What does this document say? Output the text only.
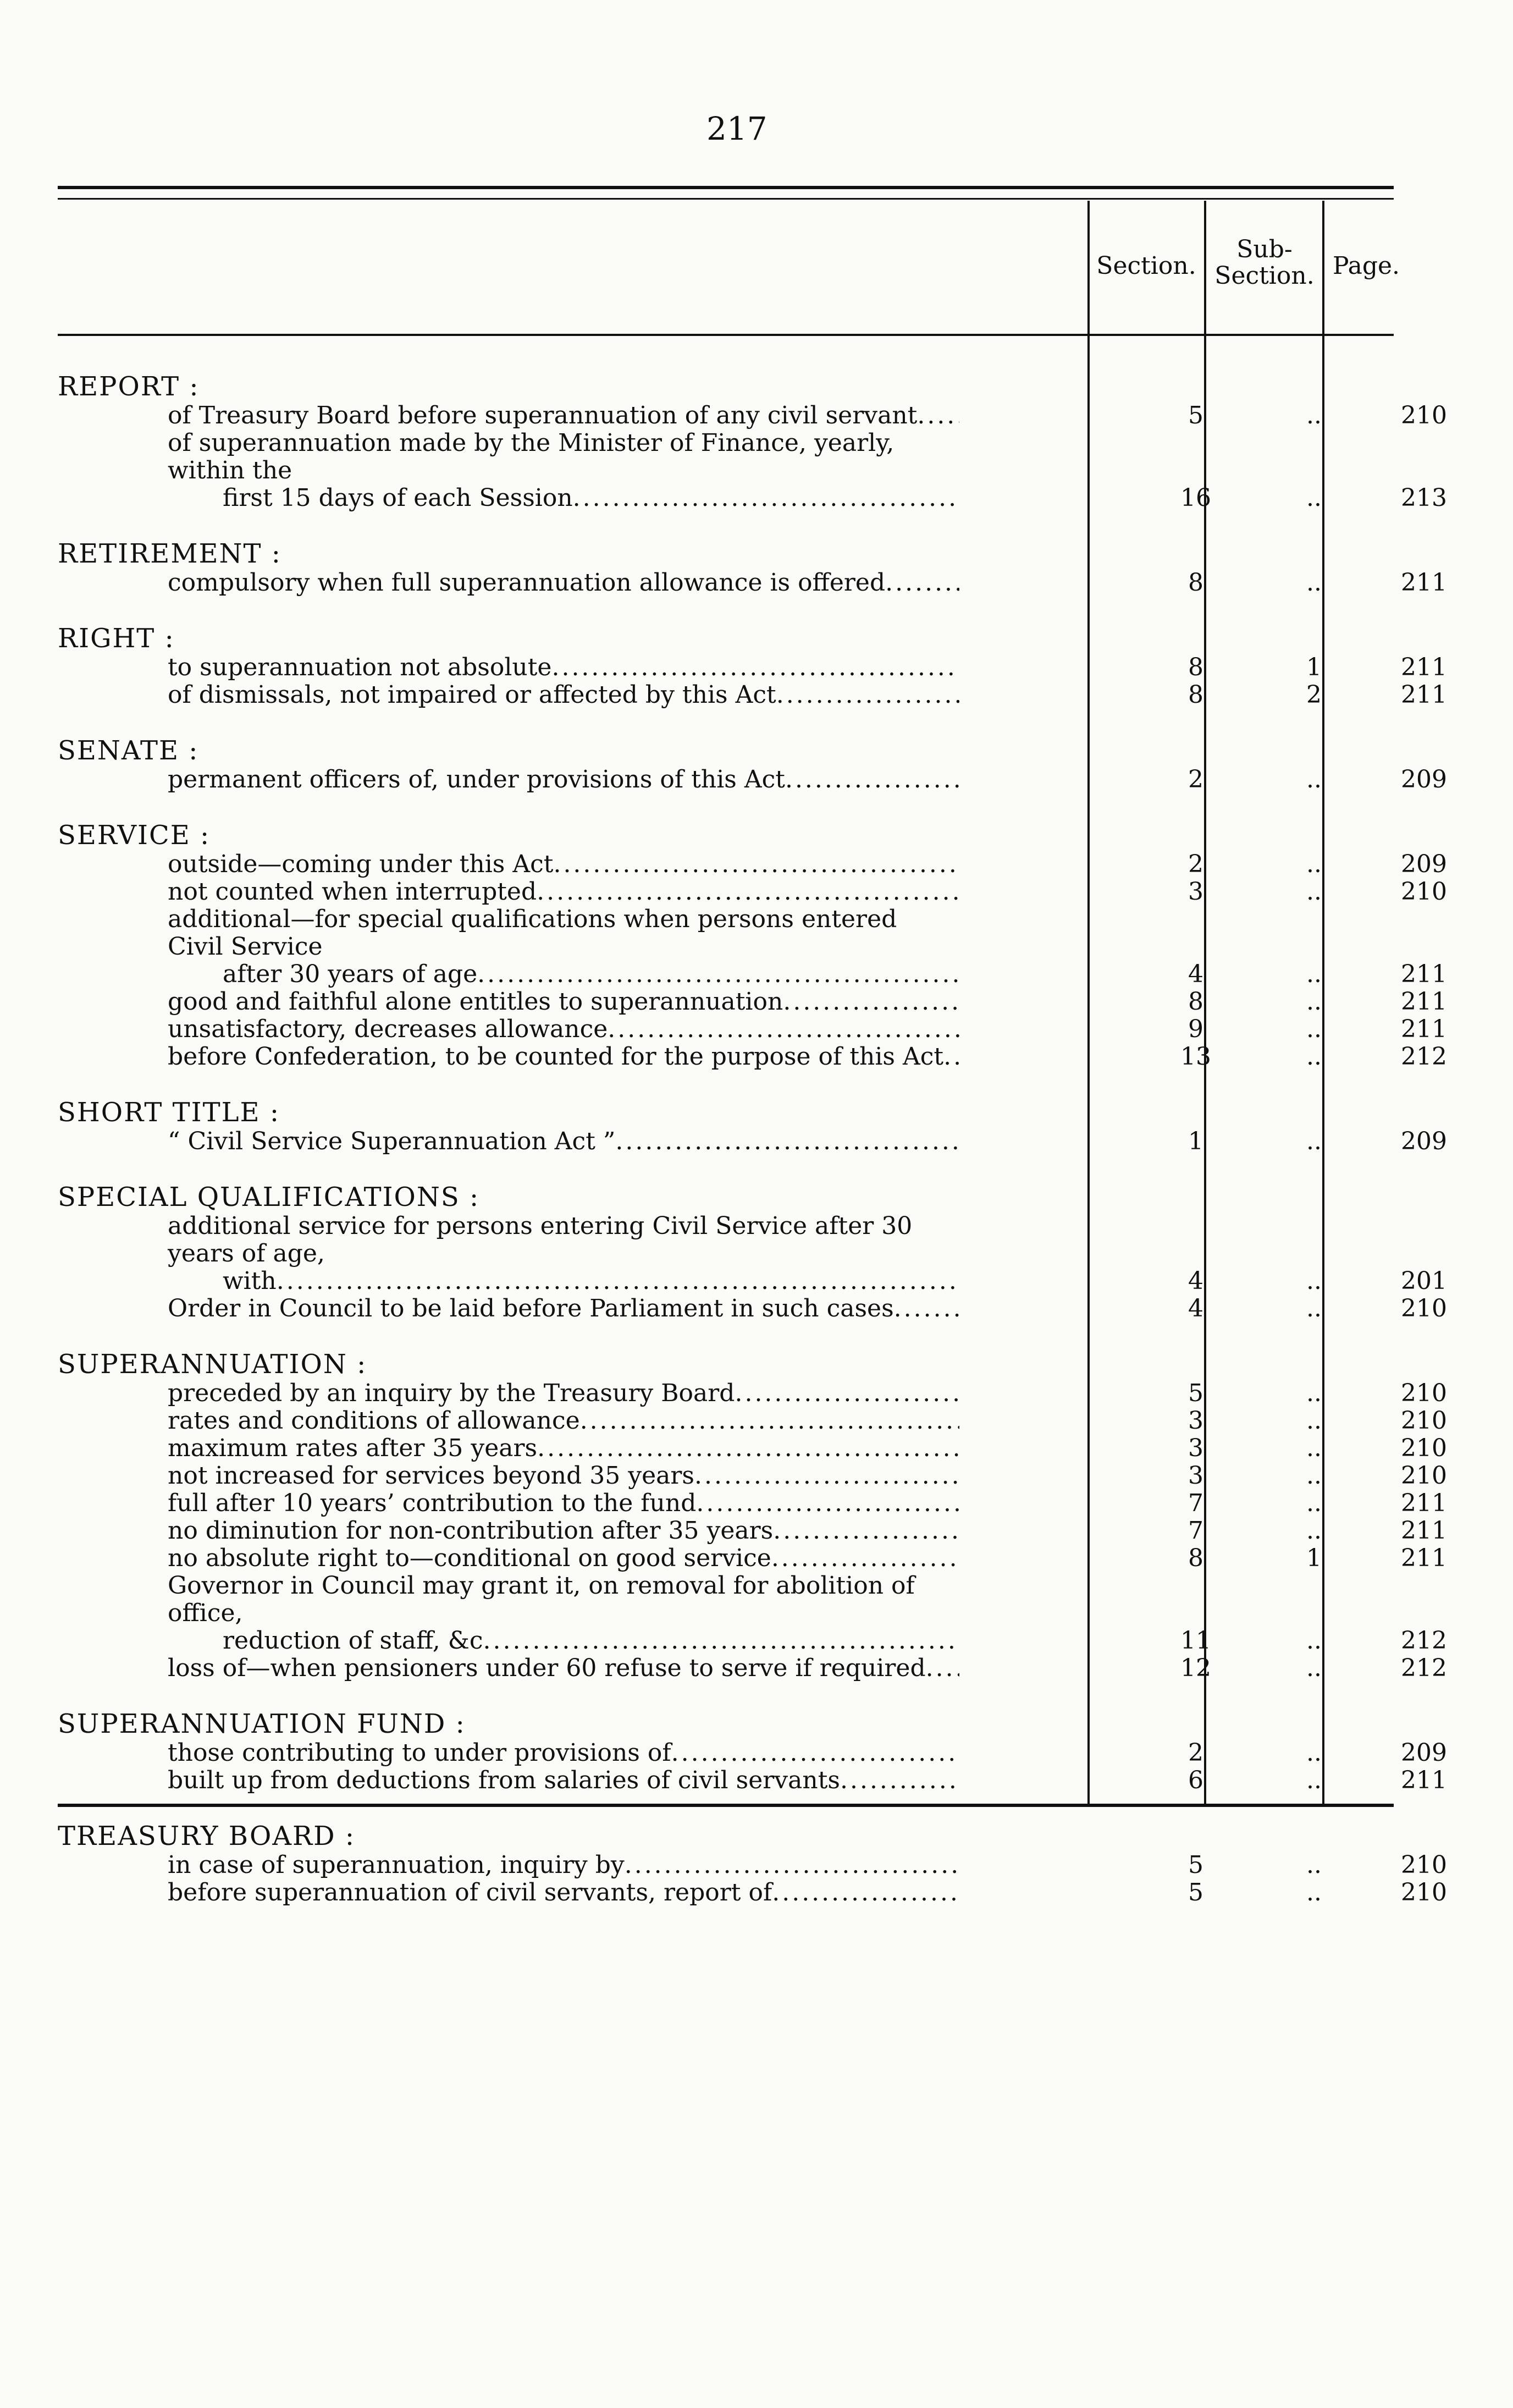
217
Section.
Sub-Section. Page.
REPORT :
of Treasury Board before superannuation of any civil servant .....	5	..	210
of superannuation made by the Minister of Finance, yearly, within the
first 15 days of each Session .....	16	..	213
RETIREMENT :
compulsory when full superannuation allowance is offered .....	8	..	211
RIGHT :
to superannuation not absolute .....	8	1	211
of dismissals, not impaired or affected by this Act .....	8	2	211
SENATE :
permanent officers of, under provisions of this Act .....	2	..	209
SERVICE :
outside—coming under this Act .....	2	..	209
not counted when interrupted .....	3	..	210
additional—for special qualifications when persons entered Civil Service
after 30 years of age .....	4	..	211
good and faithful alone entitles to superannuation .....	8	..	211
unsatisfactory, decreases allowance .....	9	..	211
before Confederation, to be counted for the purpose of this Act .....	13	..	212
SHORT TITLE :
“ Civil Service Superannuation Act ” .....	1	..	209
SPECIAL QUALIFICATIONS :
additional service for persons entering Civil Service after 30 years of age,
with .....	4	..	201
Order in Council to be laid before Parliament in such cases .....	4	..	210
SUPERANNUATION :
preceded by an inquiry by the Treasury Board .....	5	..	210
rates and conditions of allowance .....	3	..	210
maximum rates after 35 years .....	3	..	210
not increased for services beyond 35 years .....	3	..	210
full after 10 years’ contribution to the fund .....	7	..	211
no diminution for non-contribution after 35 years .....	7	..	211
no absolute right to—conditional on good service .....	8	1	211
Governor in Council may grant it, on removal for abolition of office,
reduction of staff, &c .....	11	..	212
loss of—when pensioners under 60 refuse to serve if required .....	12	..	212
SUPERANNUATION FUND :
those contributing to under provisions of .....	2	..	209
built up from deductions from salaries of civil servants .....	6	..	211
TREASURY BOARD :
in case of superannuation, inquiry by .....	5	..	210
before superannuation of civil servants, report of .....	5	..	210
